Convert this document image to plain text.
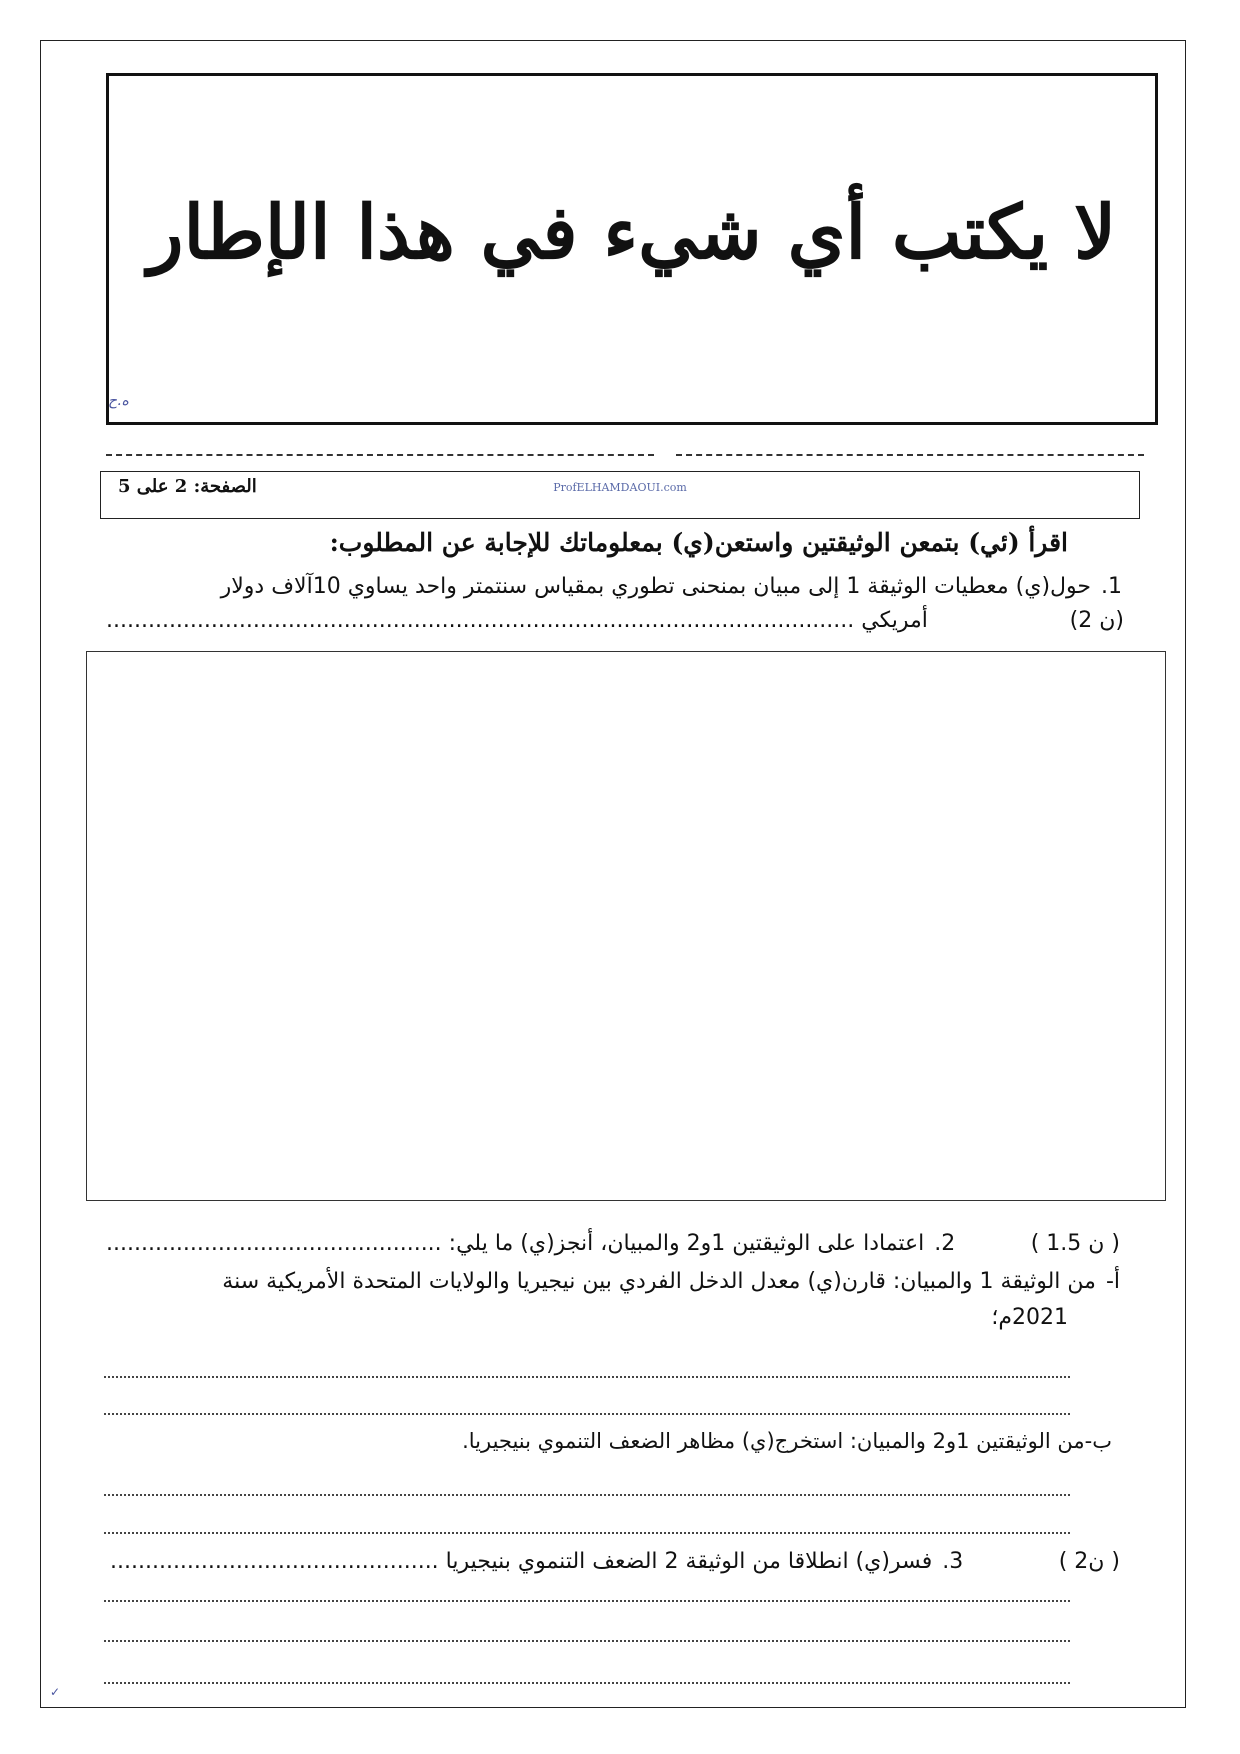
لا يكتب أي شيء في هذا الإطار
ه.ح
الصفحة: 2 على 5	ProfELHAMDAOUI.com
اقرأ (ئي) بتمعن الوثيقتين واستعن(ي) بمعلوماتك للإجابة عن المطلوب:
1.حول(ي) معطيات الوثيقة 1 إلى مبيان بمنحنى تطوري بمقياس سنتمتر واحد يساوي 10آلاف دولار
أمريكي ...........................................................................................................	(2 ن)
2.اعتمادا على الوثيقتين 1و2 والمبيان، أنجز(ي) ما يلي: ................................................	( 1.5 ن )
أ-من الوثيقة 1 والمبيان: قارن(ي) معدل الدخل الفردي بين نيجيريا والولايات المتحدة الأمريكية سنة
2021م؛
ب-من الوثيقتين 1و2 والمبيان: استخرج(ي) مظاهر الضعف التنموي بنيجيريا.
3.فسر(ي) انطلاقا من الوثيقة 2 الضعف التنموي بنيجيريا ...............................................	( 2ن )
✓
